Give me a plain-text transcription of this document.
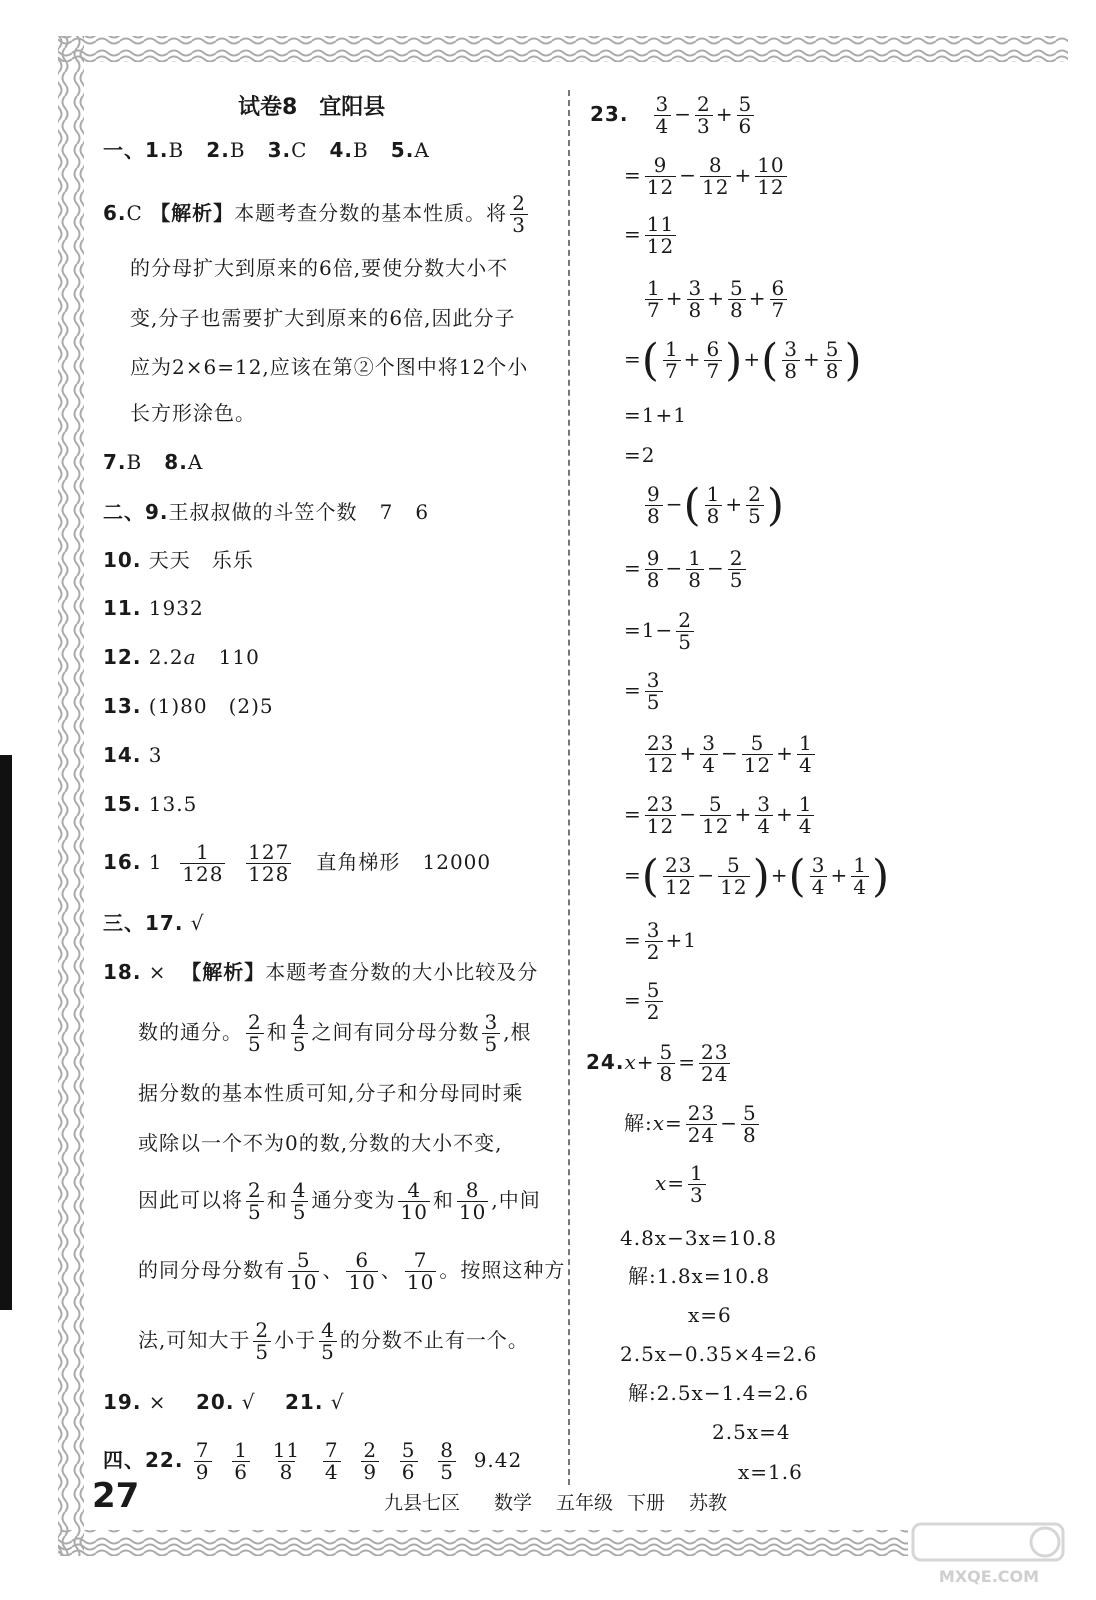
试卷8　宜阳县
一、1.B 2.B 3.C 4.B 5.A
6.C 【解析】本题考查分数的基本性质。将 $\frac{2}{3}$
的分母扩大到原来的6倍,要使分数大小不
变,分子也需要扩大到原来的6倍,因此分子
应为2×6=12,应该在第②个图中将12个小
长方形涂色。
7.B 8.A
二、9.王叔叔做的斗笠个数 7 6
10. 天天　乐乐
11. 1932
12. 2.2a 110
13. (1)80　(2)5
14. 3
15. 13.5
16. $1 \frac{1}{128}$
$\frac{127}{128}$ 直角梯形 12000
三、17. √
18. × 【解析】本题考查分数的大小比较及分
数的通分。 $\frac{2}{5}$ 和 $\frac{4}{5}$ 之间有同分母分数 $\frac{3}{5}$ ,根
据分数的基本性质可知,分子和分母同时乘
或除以一个不为0的数,分数的大小不变,
因此可以将 $\frac{2}{5}$ 和 $\frac{4}{5}$ 通分变为 $\frac{4}{10}$ 和 $\frac{8}{10}$ ,中间
的同分母分数有 $\frac{5}{10}$ 、 $\frac{6}{10}$ 、 $\frac{7}{10}$ 。按照这种方
法,可知大于 $\frac{2}{5}$ 小于 $\frac{4}{5}$ 的分数不止有一个。
19. × 20. √ 21. √
四、22. $\frac{7}{9}$
$\frac{1}{6}$
$\frac{11}{8}$
$\frac{7}{4}$
$\frac{2}{9}$
$\frac{5}{6}$
$\frac{8}{5} 9.42$
23. $\frac{3}{4} - \frac{2}{3} + \frac{5}{6}$
= $\frac{9}{12} - \frac{8}{12} + \frac{10}{12}$
= $\frac{11}{12}$
$\frac{1}{7} + \frac{3}{8} + \frac{5}{8} + \frac{6}{7}$
=( $\frac{1}{7} + \frac{6}{7}$ )+( $\frac{3}{8} + \frac{5}{8}$ )
=1+1
=2
$\frac{9}{8}$ −( $\frac{1}{8} + \frac{2}{5}$ )
= $\frac{9}{8} - \frac{1}{8} - \frac{2}{5}$
$=1- \frac{2}{5}$
= $\frac{3}{5}$
$\frac{23}{12} + \frac{3}{4} - \frac{5}{12} + \frac{1}{4}$
= $\frac{23}{12} - \frac{5}{12} + \frac{3}{4} + \frac{1}{4}$
=( $\frac{23}{12} - \frac{5}{12}$ )+( $\frac{3}{4} + \frac{1}{4}$ )
= $\frac{3}{2} +1$
= $\frac{5}{2}$
$24.x+ \frac{5}{8} = \frac{23}{24}$
解:x= $\frac{23}{24} - \frac{5}{8}$
$x= \frac{1}{3}$
4.8x−3x=10.8
解:1.8x=10.8
x=6
2.5x−0.35×4=2.6
解:2.5x−1.4=2.6
2.5x=4
x=1.6
27	九县七区 数学 五年级 下册 苏教
MXQE.COM
